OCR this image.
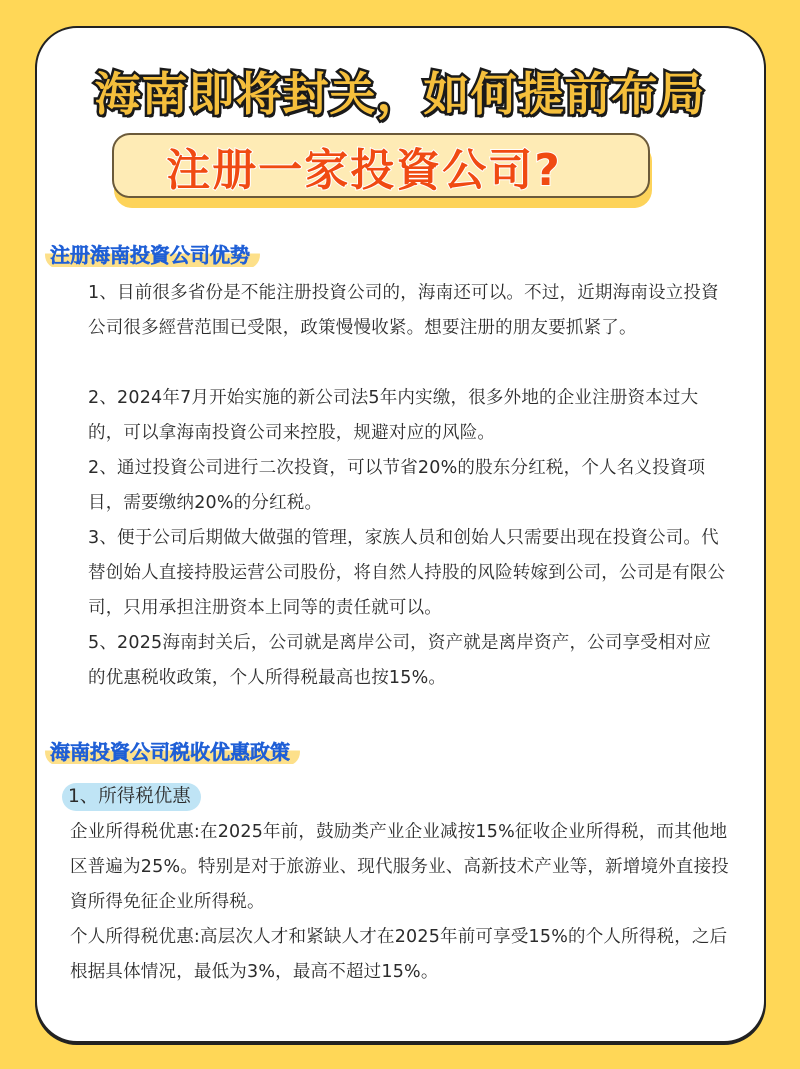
海南即将封关，如何提前布局
注册一家投資公司?
注册海南投資公司优势
1、目前很多省份是不能注册投資公司的，海南还可以。不过，近期海南设立投資公司很多經营范围已受限，政策慢慢收紧。想要注册的朋友要抓紧了。
2、2024年7月开始实施的新公司法5年内实缴，很多外地的企业注册资本过大的，可以拿海南投資公司来控股，规避对应的风险。
2、通过投資公司进行二次投資，可以节省20%的股东分红税，个人名义投資项目，需要缴纳20%的分红税。
3、便于公司后期做大做强的管理，家族人员和创始人只需要出现在投資公司。代替创始人直接持股运营公司股份，将自然人持股的风险转嫁到公司，公司是有限公司，只用承担注册资本上同等的责任就可以。
5、2025海南封关后，公司就是离岸公司，资产就是离岸资产，公司享受相对应的优惠税收政策，个人所得税最高也按15%。
海南投資公司税收优惠政策
1、所得税优惠
企业所得税优惠:在2025年前，鼓励类产业企业减按15%征收企业所得税，而其他地区普遍为25%。特别是对于旅游业、现代服务业、高新技术产业等，新增境外直接投資所得免征企业所得税。
个人所得税优惠:高层次人才和紧缺人才在2025年前可享受15%的个人所得税，之后根据具体情况，最低为3%，最高不超过15%。
